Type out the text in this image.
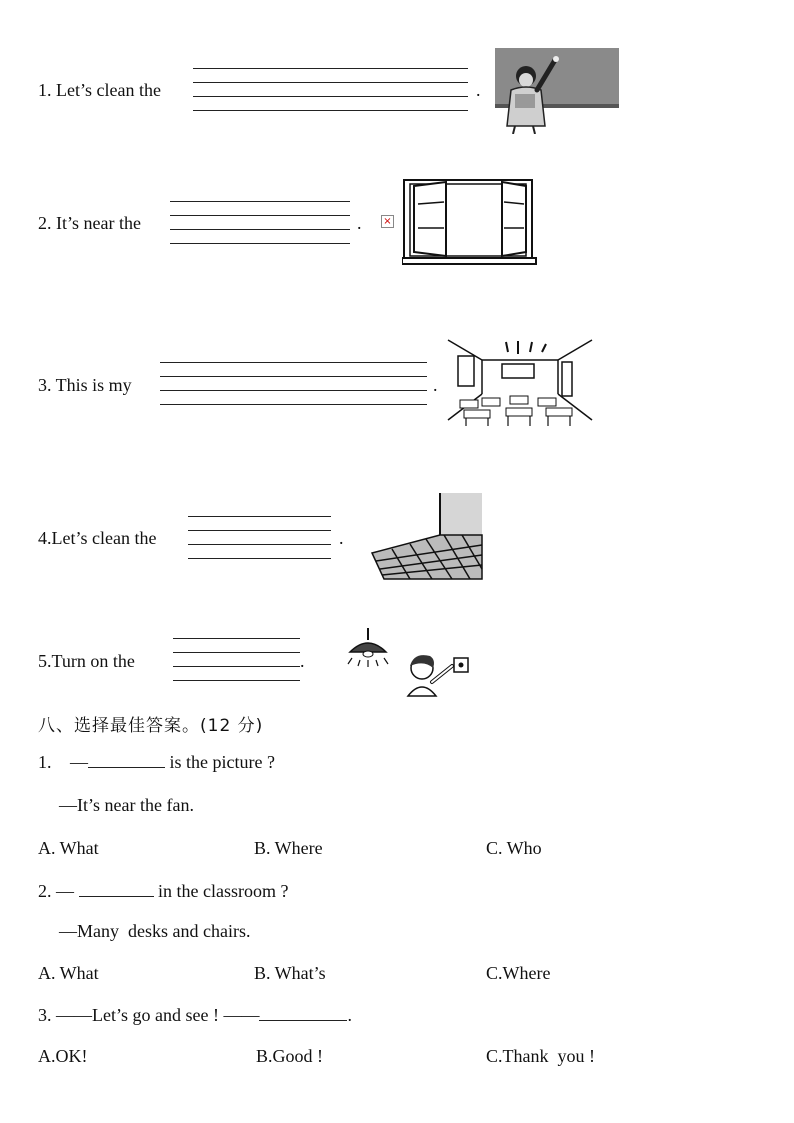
1. Let’s clean the	.
2. It’s near the	. ×
3. This is my	.
4.Let’s clean the	.
5.Turn on the	.
八、选择最佳答案。(12 分)
1. —	is the picture ?
—It’s near the fan.
A. What	B. Where	C. Who
2. —	in the classroom ?
—Many  desks and chairs.
A. What	B. What’s	C.Where
3. ——Let’s go and see ! ——	.
A.OK!	B.Good !	C.Thank  you !
